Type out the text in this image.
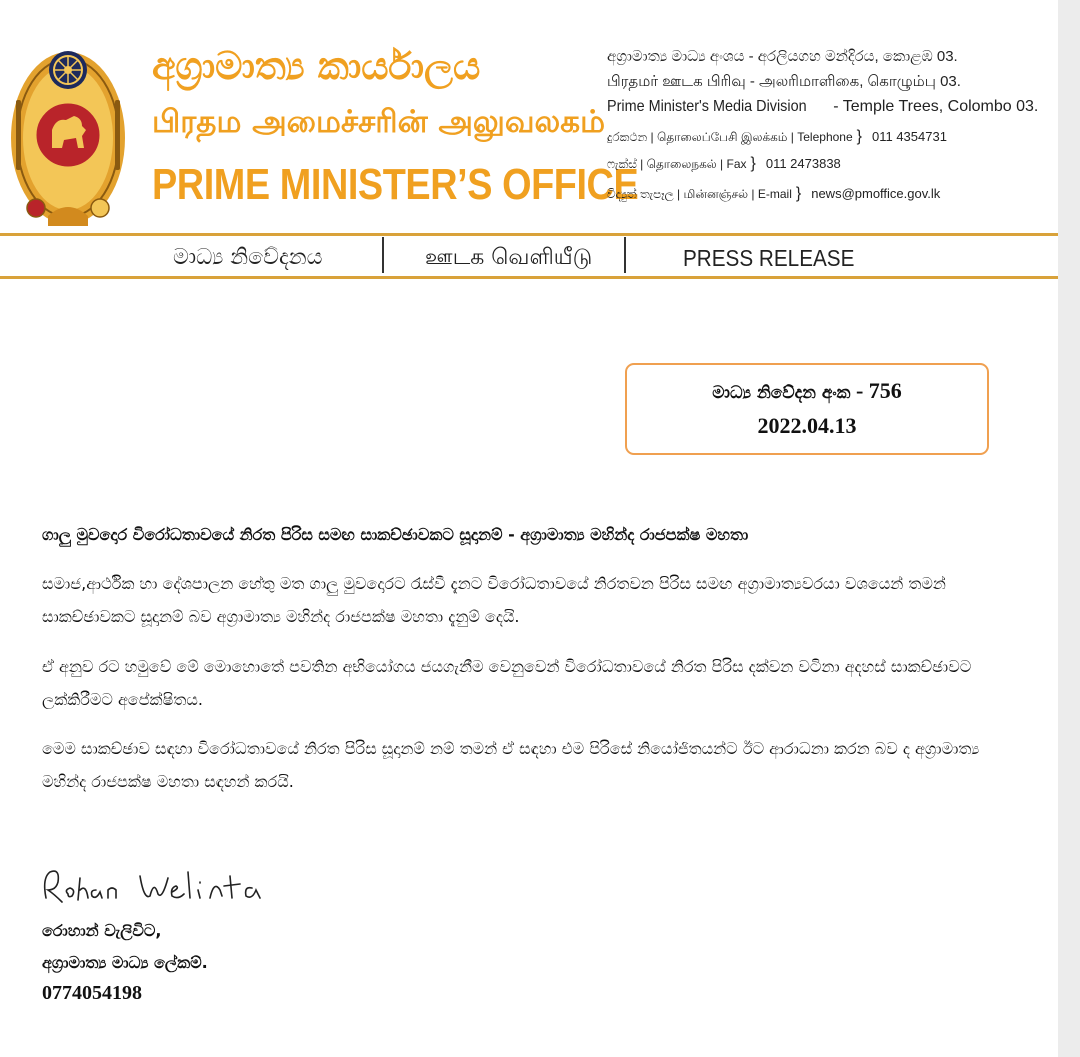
අග්‍රාමාත්‍ය කාර්යාලය
பிரதம அமைச்சரின் அலுவலகம்
PRIME MINISTER’S OFFICE
අග්‍රාමාත්‍ය මාධ්‍ය අංශය - අරලියගහ මන්දිරය, කොළඹ 03.
பிரதமர் ஊடக பிரிவு - அலரிமாளிகை, கொழும்பு 03.
Prime Minister's Media Division - Temple Trees, Colombo 03.
දුරකථන | தொலைப்பேசி இலக்கம் | Telephone } 011 4354731
ෆැක්ස් | தொலைநகல் | Fax } 011 2473838
විද්‍යුත් තැපෑල | மின்னஞ்சல் | E-mail } news@pmoffice.gov.lk
මාධ්‍ය නිවේදනය	ஊடக வெளியீடு	PRESS RELEASE
මාධ්‍ය නිවේදන අංක - 756
2022.04.13
ගාලු මුවදොර විරෝධතාවයේ නිරත පිරිස සමඟ සාකච්ඡාවකට සූදානම් - අග්‍රාමාත්‍ය මහින්ද රාජපක්ෂ මහතා
සමාජ,ආර්ථික හා දේශපාලන හේතු මත ගාලු මුවදොරට රැස්වී දැනට විරෝධතාවයේ නිරතවන පිරිස සමඟ අග්‍රාමාත්‍යවරයා වශයෙන් තමන් සාකච්ඡාවකට සූදානම් බව අග්‍රාමාත්‍ය මහින්ද රාජපක්ෂ මහතා දැනුම් දෙයි.
ඒ අනුව රට හමුවේ මේ මොහොතේ පවතින අභියෝගය ජයගැනීම වෙනුවෙන් විරෝධතාවයේ නිරත පිරිස දක්වන වටිනා අදහස් සාකච්ඡාවට ලක්කිරීමට අපේක්ෂිතය.
මෙම සාකච්ඡාව සඳහා විරෝධතාවයේ නිරත පිරිස සූදානම් නම් තමන් ඒ සඳහා එම පිරිසේ නියෝජිතයන්ට ඊට ආරාධනා කරන බව ද අග්‍රාමාත්‍ය මහින්ද රාජපක්ෂ මහතා සඳහන් කරයි.
රොහාන් වැලිවිට,
අග්‍රාමාත්‍ය මාධ්‍ය ලේකම්.
0774054198
